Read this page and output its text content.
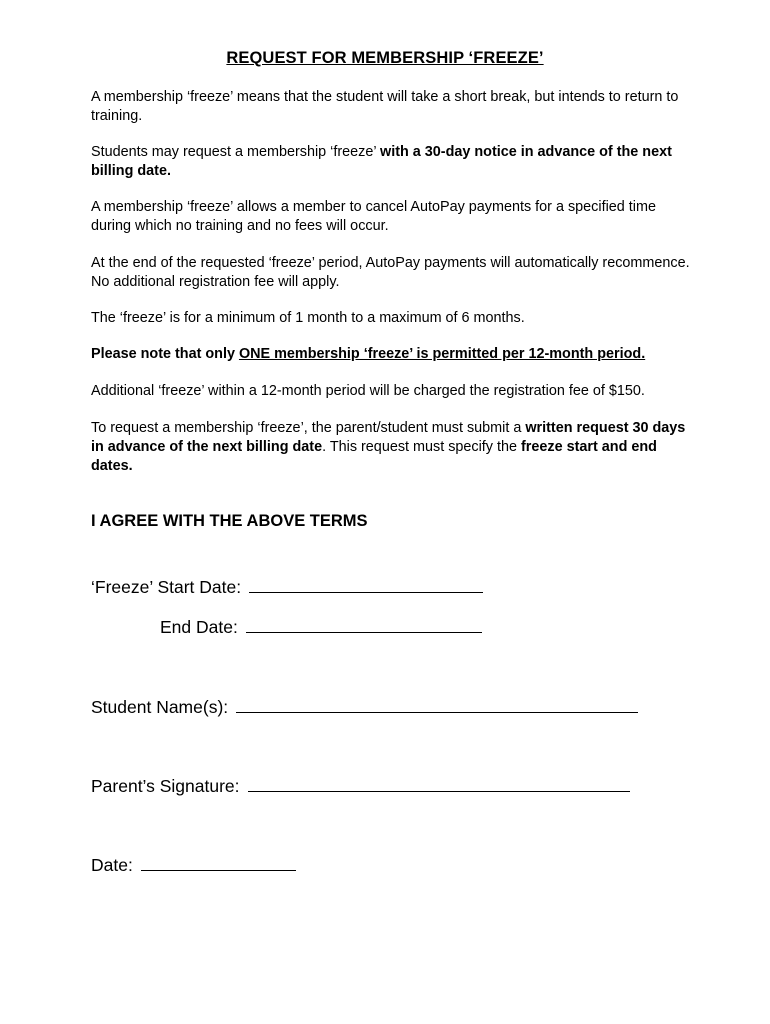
REQUEST FOR MEMBERSHIP ‘FREEZE’

A membership ‘freeze’ means that the student will take a short break, but intends to return to training.

Students may request a membership ‘freeze’ with a 30-day notice in advance of the next billing date.

A membership ‘freeze’ allows a member to cancel AutoPay payments for a specified time during which no training and no fees will occur.

At the end of the requested ‘freeze’ period, AutoPay payments will automatically recommence. No additional registration fee will apply.

The ‘freeze’ is for a minimum of 1 month to a maximum of 6 months.

Please note that only ONE membership ‘freeze’ is permitted per 12-month period.

Additional ‘freeze’ within a 12-month period will be charged the registration fee of $150.

To request a membership ‘freeze’, the parent/student must submit a written request 30 days in advance of the next billing date. This request must specify the freeze start and end dates.

I AGREE WITH THE ABOVE TERMS
‘Freeze’ Start Date:
End Date:
Student Name(s):
Parent’s Signature:
Date:
